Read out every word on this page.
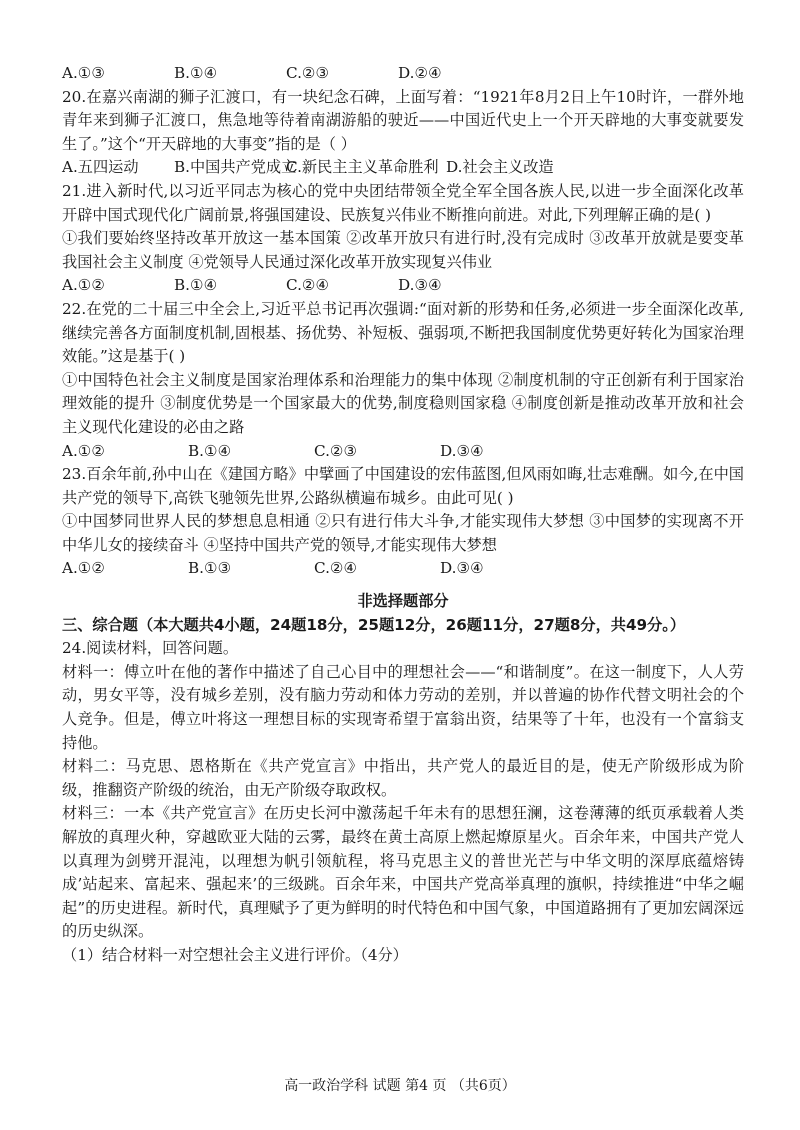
A.①③	B.①④	C.②③	D.②④
20.在嘉兴南湖的狮子汇渡口，有一块纪念石碑，上面写着：“1921年8月2日上午10时许，一群外地青年来到狮子汇渡口，焦急地等待着南湖游船的驶近——中国近代史上一个开天辟地的大事变就要发生了。”这个“开天辟地的大事变”指的是（ ）
A.五四运动	B.中国共产党成立
C.新民主主义革命胜利 D.社会主义改造
21.进入新时代,以习近平同志为核心的党中央团结带领全党全军全国各族人民,以进一步全面深化改革开辟中国式现代化广阔前景,将强国建设、民族复兴伟业不断推向前进。对此,下列理解正确的是( )
①我们要始终坚持改革开放这一基本国策 ②改革开放只有进行时,没有完成时 ③改革开放就是要变革我国社会主义制度 ④党领导人民通过深化改革开放实现复兴伟业
A.①②	B.①④	C.②④	D.③④
22.在党的二十届三中全会上,习近平总书记再次强调:“面对新的形势和任务,必须进一步全面深化改革,继续完善各方面制度机制,固根基、扬优势、补短板、强弱项,不断把我国制度优势更好转化为国家治理效能。”这是基于( )
①中国特色社会主义制度是国家治理体系和治理能力的集中体现 ②制度机制的守正创新有利于国家治理效能的提升 ③制度优势是一个国家最大的优势,制度稳则国家稳 ④制度创新是推动改革开放和社会主义现代化建设的必由之路
A.①②	B.①④	C.②③	D.③④
23.百余年前,孙中山在《建国方略》中擘画了中国建设的宏伟蓝图,但风雨如晦,壮志难酬。如今,在中国共产党的领导下,高铁飞驰领先世界,公路纵横遍布城乡。由此可见( )
①中国梦同世界人民的梦想息息相通 ②只有进行伟大斗争,才能实现伟大梦想 ③中国梦的实现离不开中华儿女的接续奋斗 ④坚持中国共产党的领导,才能实现伟大梦想
A.①②	B.①③	C.②④	D.③④
非选择题部分
三、综合题（本大题共4小题，24题18分，25题12分，26题11分，27题8分，共49分。）
24.阅读材料，回答问题。
材料一：傅立叶在他的著作中描述了自己心目中的理想社会——“和谐制度”。在这一制度下，人人劳动，男女平等，没有城乡差别，没有脑力劳动和体力劳动的差别，并以普遍的协作代替文明社会的个人竞争。但是，傅立叶将这一理想目标的实现寄希望于富翁出资，结果等了十年，也没有一个富翁支持他。
材料二：马克思、恩格斯在《共产党宣言》中指出，共产党人的最近目的是，使无产阶级形成为阶级，推翻资产阶级的统治，由无产阶级夺取政权。
材料三：一本《共产党宣言》在历史长河中激荡起千年未有的思想狂澜，这卷薄薄的纸页承载着人类解放的真理火种，穿越欧亚大陆的云雾，最终在黄土高原上燃起燎原星火。百余年来，中国共产党人以真理为剑劈开混沌，以理想为帆引领航程，将马克思主义的普世光芒与中华文明的深厚底蕴熔铸成’站起来、富起来、强起来’的三级跳。百余年来，中国共产党高举真理的旗帜，持续推进“中华之崛起”的历史进程。新时代，真理赋予了更为鲜明的时代特色和中国气象，中国道路拥有了更加宏阔深远的历史纵深。
（1）结合材料一对空想社会主义进行评价。（4分）
高一政治学科 试题 第4 页 （共6页）
